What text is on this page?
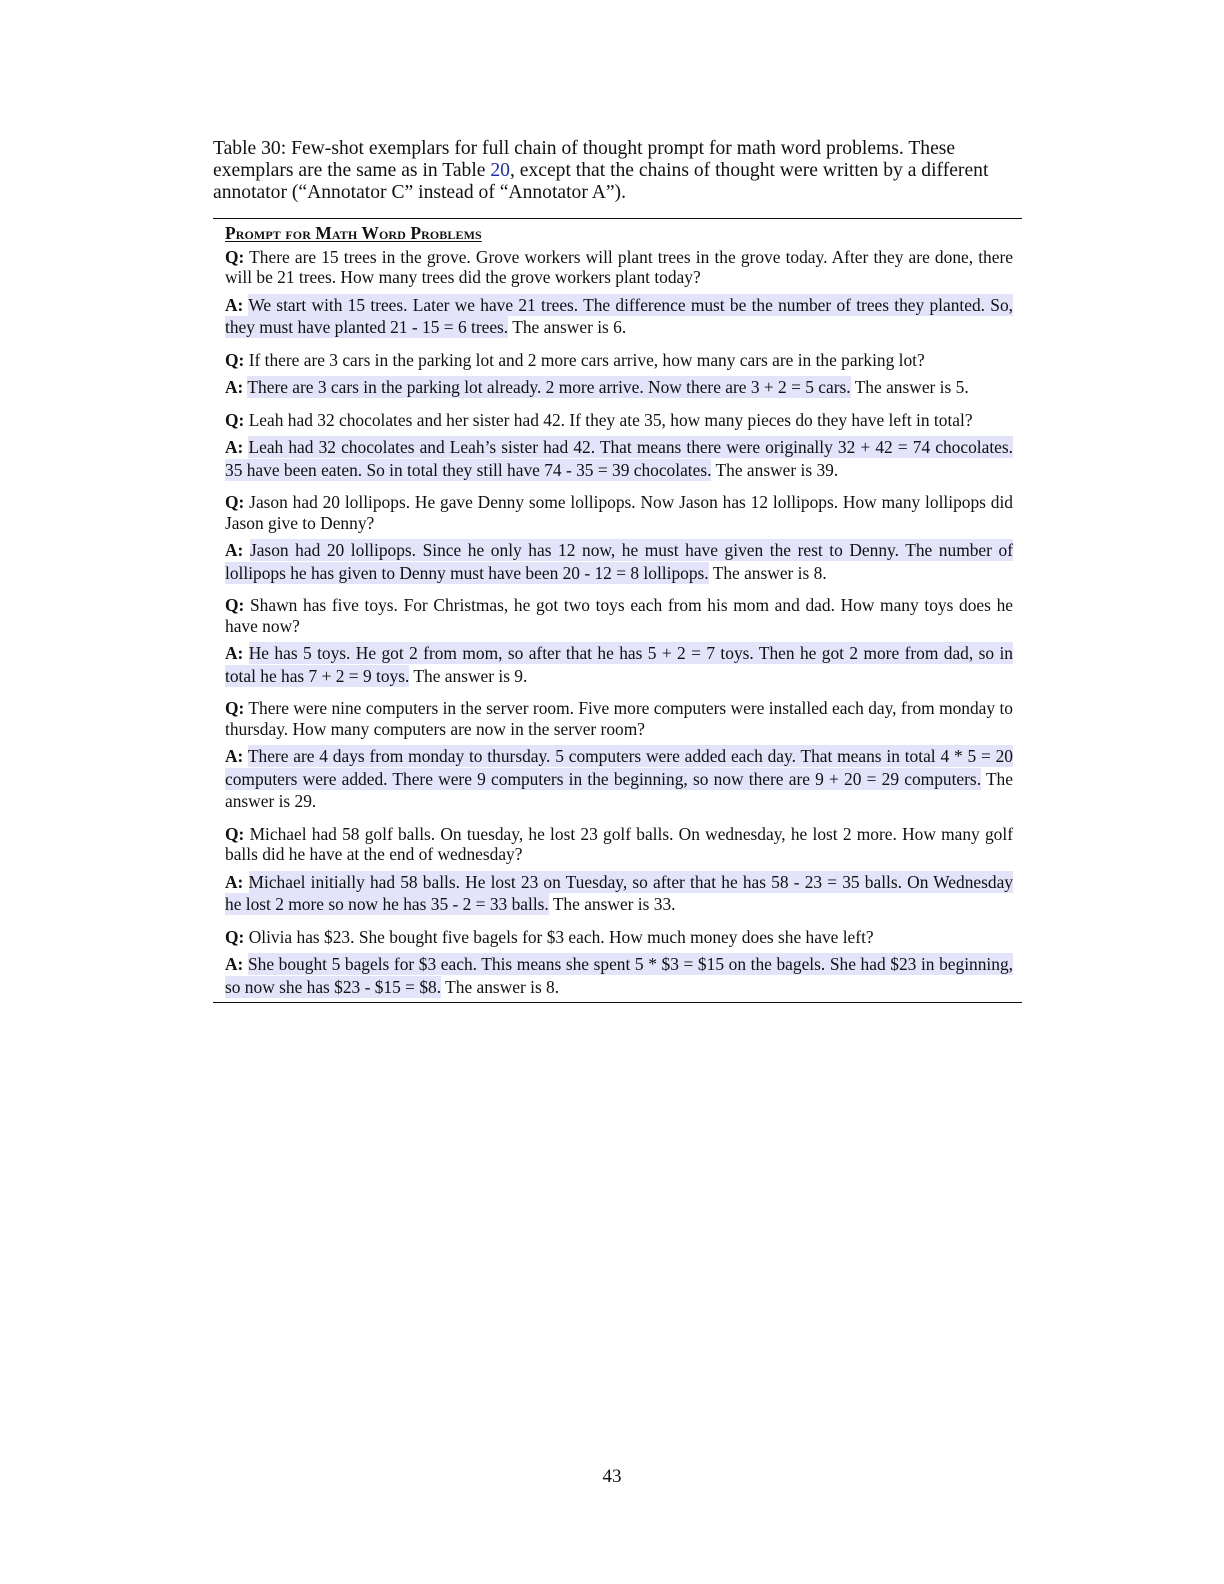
Table 30: Few-shot exemplars for full chain of thought prompt for math word problems. These exemplars are the same as in Table 20, except that the chains of thought were written by a different annotator (“Annotator C” instead of “Annotator A”).
Prompt for Math Word Problems
Q: There are 15 trees in the grove. Grove workers will plant trees in the grove today. After they are done, there will be 21 trees. How many trees did the grove workers plant today?
A: We start with 15 trees. Later we have 21 trees. The difference must be the number of trees they planted. So, they must have planted 21 - 15 = 6 trees. The answer is 6.
Q: If there are 3 cars in the parking lot and 2 more cars arrive, how many cars are in the parking lot?
A: There are 3 cars in the parking lot already. 2 more arrive. Now there are 3 + 2 = 5 cars. The answer is 5.
Q: Leah had 32 chocolates and her sister had 42. If they ate 35, how many pieces do they have left in total?
A: Leah had 32 chocolates and Leah’s sister had 42. That means there were originally 32 + 42 = 74 chocolates. 35 have been eaten. So in total they still have 74 - 35 = 39 chocolates. The answer is 39.
Q: Jason had 20 lollipops. He gave Denny some lollipops. Now Jason has 12 lollipops. How many lollipops did Jason give to Denny?
A: Jason had 20 lollipops. Since he only has 12 now, he must have given the rest to Denny. The number of lollipops he has given to Denny must have been 20 - 12 = 8 lollipops. The answer is 8.
Q: Shawn has five toys. For Christmas, he got two toys each from his mom and dad. How many toys does he have now?
A: He has 5 toys. He got 2 from mom, so after that he has 5 + 2 = 7 toys. Then he got 2 more from dad, so in total he has 7 + 2 = 9 toys. The answer is 9.
Q: There were nine computers in the server room. Five more computers were installed each day, from monday to thursday. How many computers are now in the server room?
A: There are 4 days from monday to thursday. 5 computers were added each day. That means in total 4 * 5 = 20 computers were added. There were 9 computers in the beginning, so now there are 9 + 20 = 29 computers. The answer is 29.
Q: Michael had 58 golf balls. On tuesday, he lost 23 golf balls. On wednesday, he lost 2 more. How many golf balls did he have at the end of wednesday?
A: Michael initially had 58 balls. He lost 23 on Tuesday, so after that he has 58 - 23 = 35 balls. On Wednesday he lost 2 more so now he has 35 - 2 = 33 balls. The answer is 33.
Q: Olivia has $23. She bought five bagels for $3 each. How much money does she have left?
A: She bought 5 bagels for $3 each. This means she spent 5 * $3 = $15 on the bagels. She had $23 in beginning, so now she has $23 - $15 = $8. The answer is 8.
43
